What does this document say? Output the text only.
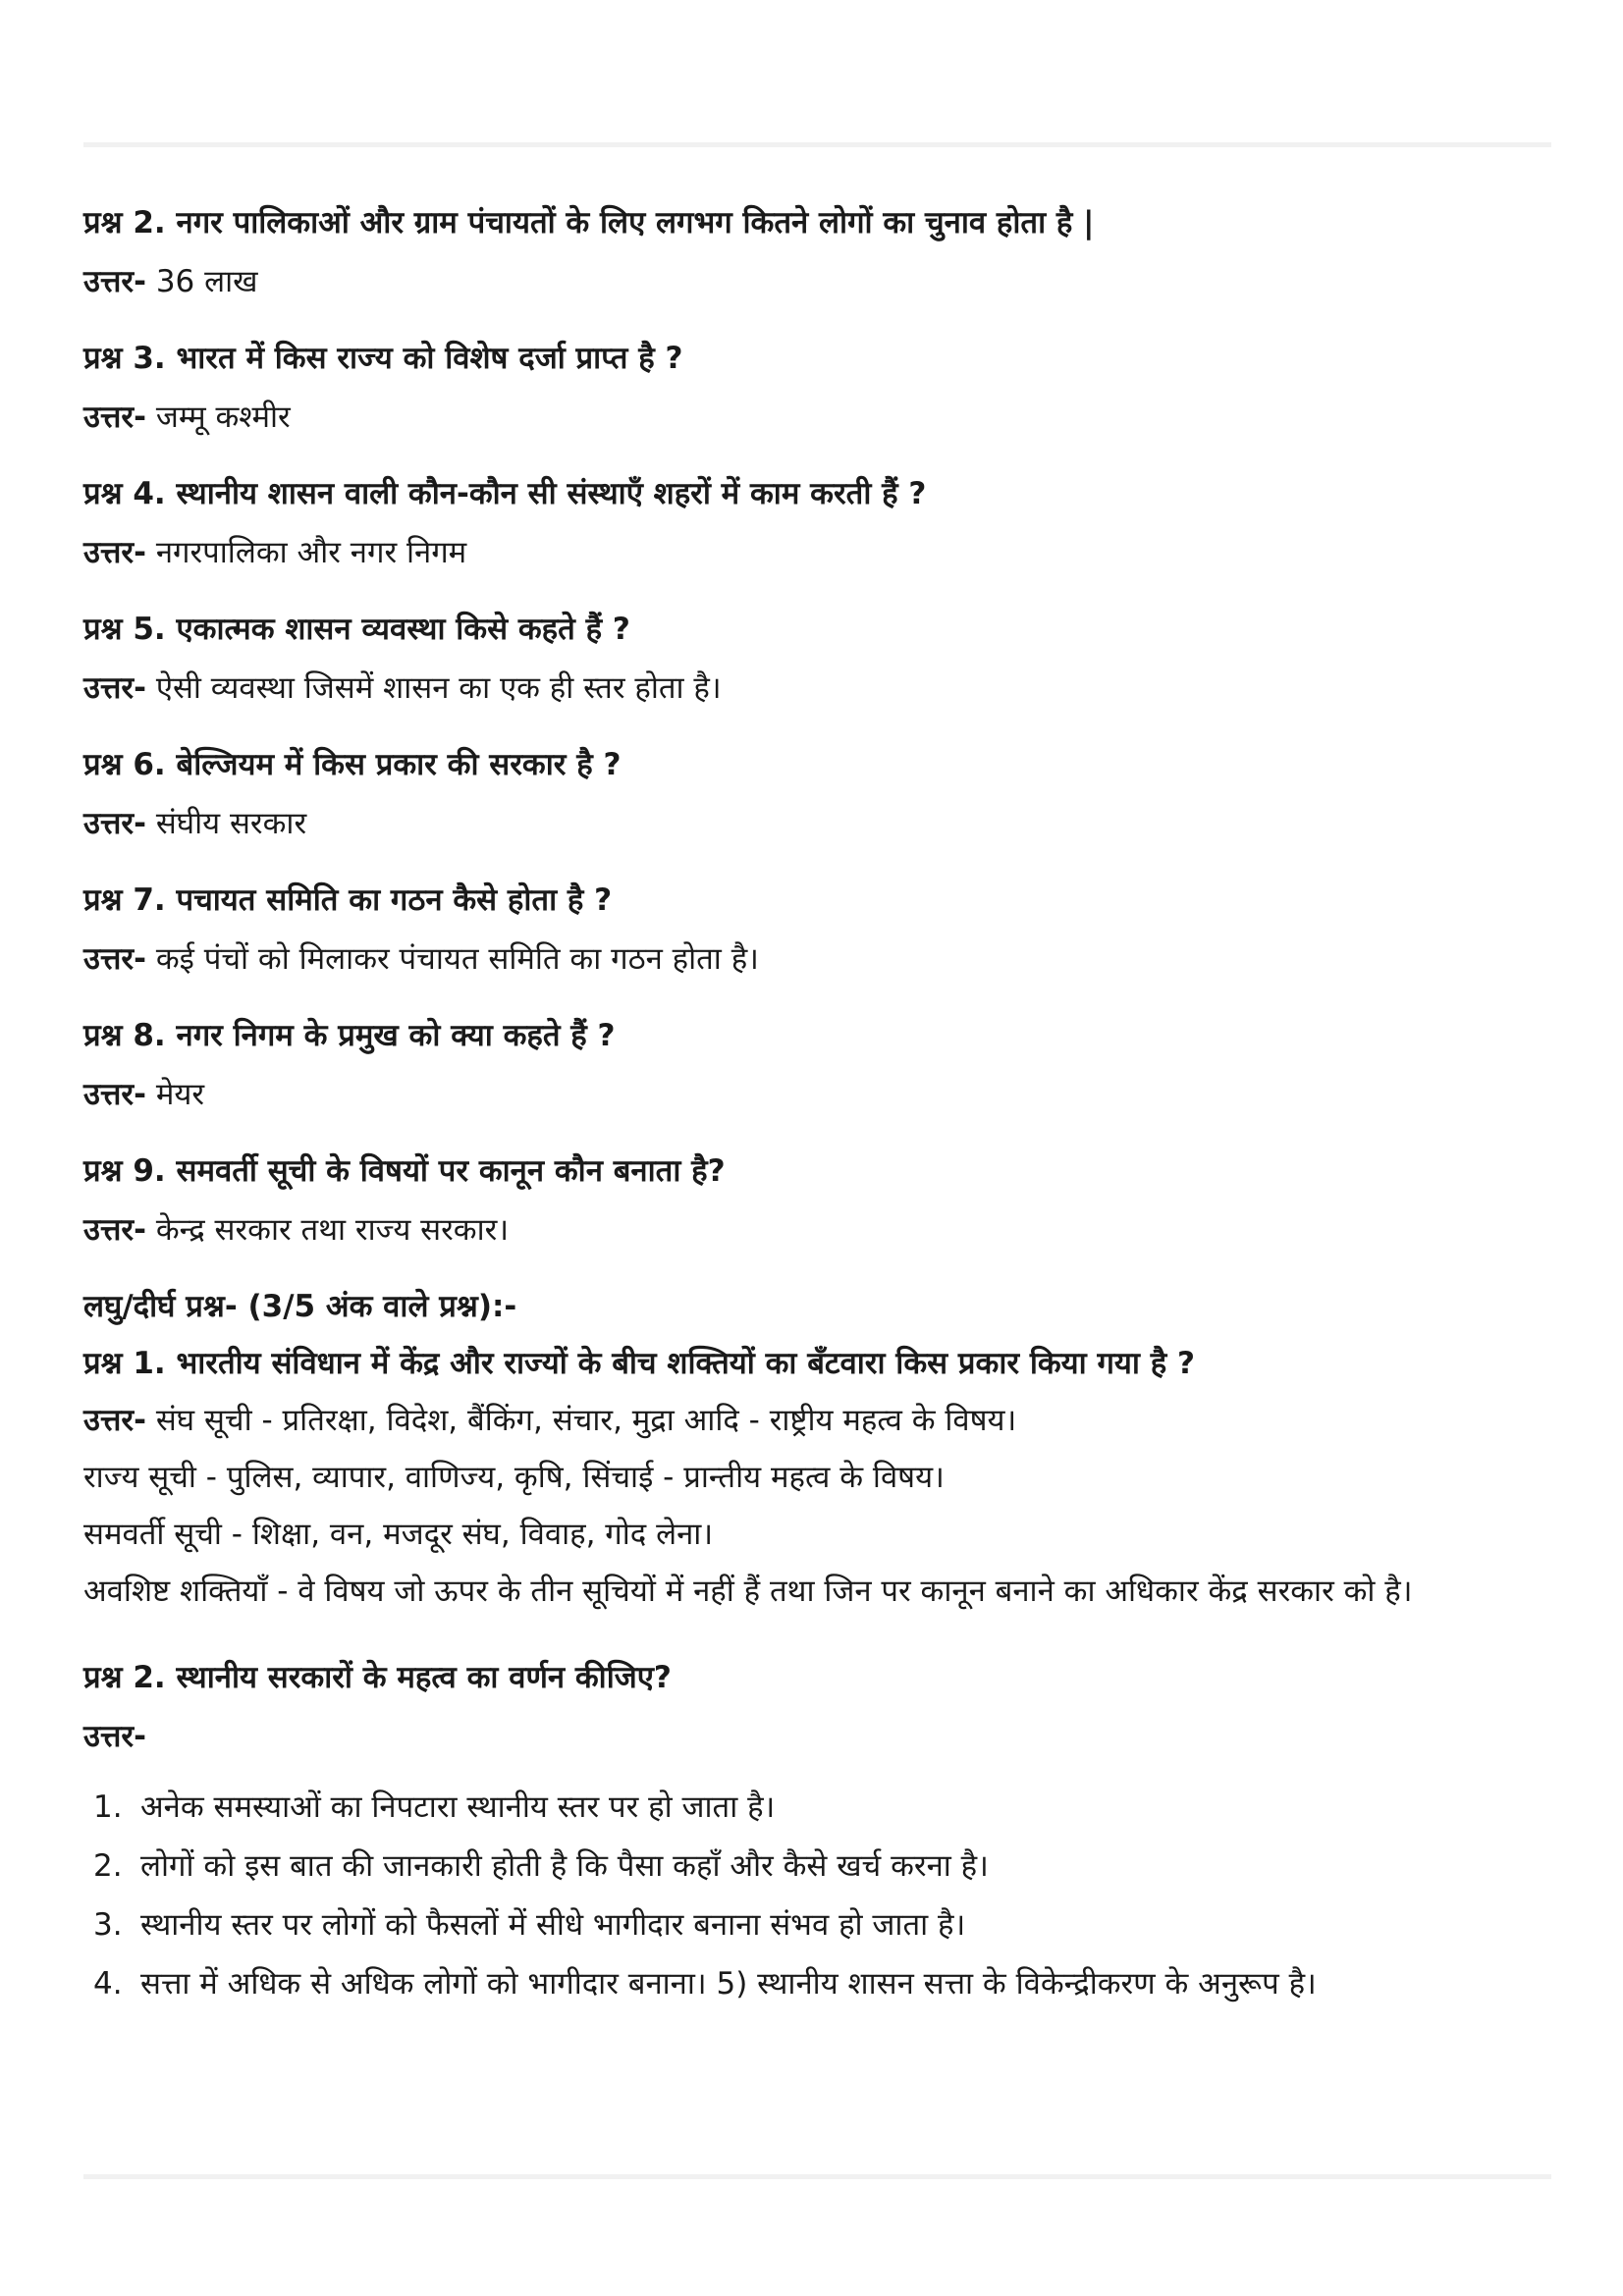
प्रश्न 2. नगर पालिकाओं और ग्राम पंचायतों के लिए लगभग कितने लोगों का चुनाव होता है |
उत्तर- 36 लाख
प्रश्न 3. भारत में किस राज्य को विशेष दर्जा प्राप्त है ?
उत्तर- जम्मू कश्मीर
प्रश्न 4. स्थानीय शासन वाली कौन-कौन सी संस्थाएँ शहरों में काम करती हैं ?
उत्तर- नगरपालिका और नगर निगम
प्रश्न 5. एकात्मक शासन व्यवस्था किसे कहते हैं ?
उत्तर- ऐसी व्यवस्था जिसमें शासन का एक ही स्तर होता है।
प्रश्न 6. बेल्जियम में किस प्रकार की सरकार है ?
उत्तर- संघीय सरकार
प्रश्न 7. पचायत समिति का गठन कैसे होता है ?
उत्तर- कई पंचों को मिलाकर पंचायत समिति का गठन होता है।
प्रश्न 8. नगर निगम के प्रमुख को क्या कहते हैं ?
उत्तर- मेयर
प्रश्न 9. समवर्ती सूची के विषयों पर कानून कौन बनाता है?
उत्तर- केन्द्र सरकार तथा राज्य सरकार।
लघु/दीर्घ प्रश्न- (3/5 अंक वाले प्रश्न):-
प्रश्न 1. भारतीय संविधान में केंद्र और राज्यों के बीच शक्तियों का बँटवारा किस प्रकार किया गया है ?
उत्तर- संघ सूची - प्रतिरक्षा, विदेश, बैंकिंग, संचार, मुद्रा आदि - राष्ट्रीय महत्व के विषय।
राज्य सूची - पुलिस, व्यापार, वाणिज्य, कृषि, सिंचाई - प्रान्तीय महत्व के विषय।
समवर्ती सूची - शिक्षा, वन, मजदूर संघ, विवाह, गोद लेना।
अवशिष्ट शक्तियाँ - वे विषय जो ऊपर के तीन सूचियों में नहीं हैं तथा जिन पर कानून बनाने का अधिकार केंद्र सरकार को है।
प्रश्न 2. स्थानीय सरकारों के महत्व का वर्णन कीजिए?
उत्तर-
1. अनेक समस्याओं का निपटारा स्थानीय स्तर पर हो जाता है।
2. लोगों को इस बात की जानकारी होती है कि पैसा कहाँ और कैसे खर्च करना है।
3. स्थानीय स्तर पर लोगों को फैसलों में सीधे भागीदार बनाना संभव हो जाता है।
4. सत्ता में अधिक से अधिक लोगों को भागीदार बनाना। 5) स्थानीय शासन सत्ता के विकेन्द्रीकरण के अनुरूप है।
